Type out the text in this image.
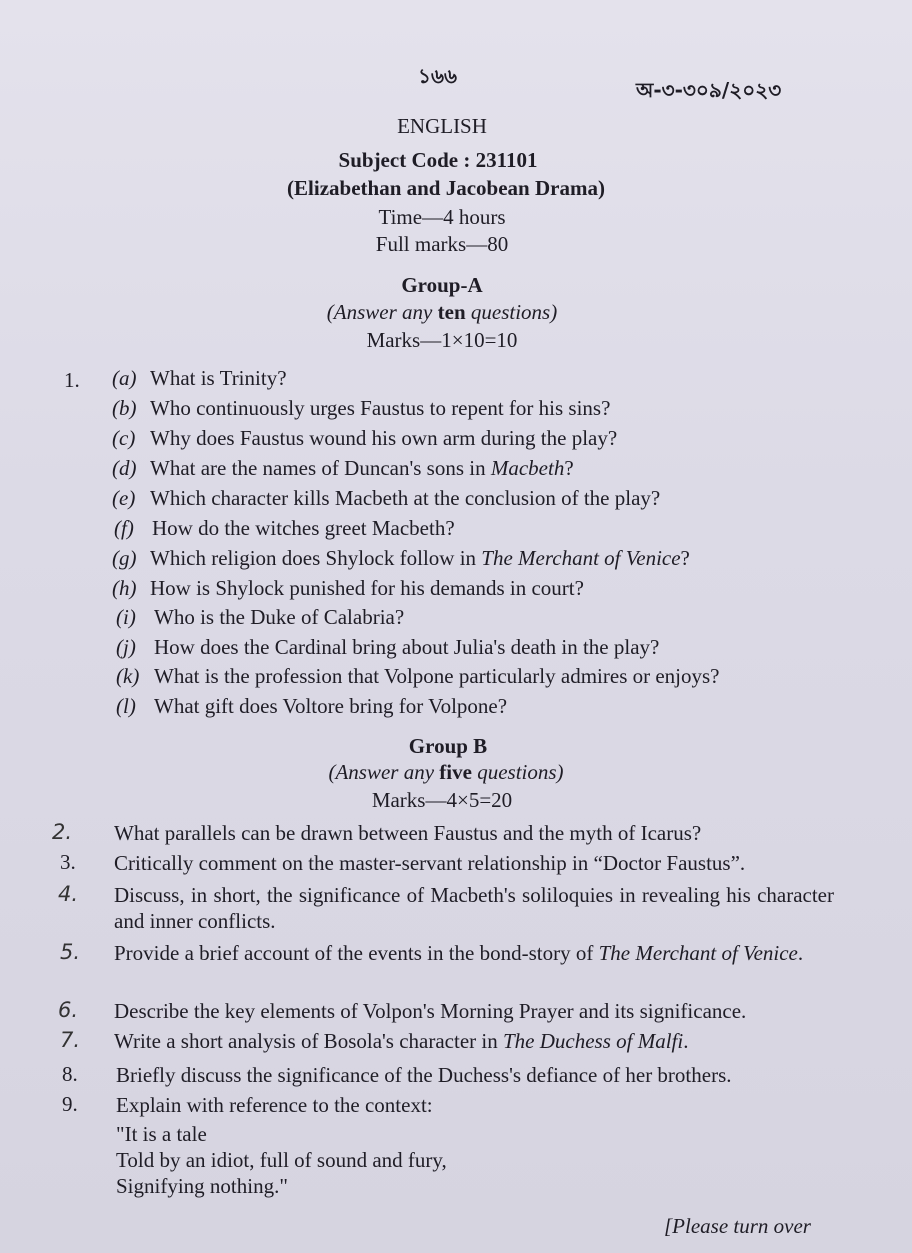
১৬৬
অ-৩-৩০৯/২০২৩
ENGLISH
Subject Code : 231101
(Elizabethan and Jacobean Drama)
Time—4 hours
Full marks—80
Group-A
(Answer any ten questions)
Marks—1×10=10
1. (a) What is Trinity?
(b) Who continuously urges Faustus to repent for his sins?
(c) Why does Faustus wound his own arm during the play?
(d) What are the names of Duncan's sons in Macbeth?
(e) Which character kills Macbeth at the conclusion of the play?
(f) How do the witches greet Macbeth?
(g) Which religion does Shylock follow in The Merchant of Venice?
(h) How is Shylock punished for his demands in court?
(i) Who is the Duke of Calabria?
(j) How does the Cardinal bring about Julia's death in the play?
(k) What is the profession that Volpone particularly admires or enjoys?
(l) What gift does Voltore bring for Volpone?
Group B
(Answer any five questions)
Marks—4×5=20
2. What parallels can be drawn between Faustus and the myth of Icarus?
3. Critically comment on the master-servant relationship in “Doctor Faustus”.
4. Discuss, in short, the significance of Macbeth's soliloquies in revealing his character and inner conflicts.
5. Provide a brief account of the events in the bond-story of The Merchant of Venice.
6. Describe the key elements of Volpon's Morning Prayer and its significance.
7. Write a short analysis of Bosola's character in The Duchess of Malfi.
8. Briefly discuss the significance of the Duchess's defiance of her brothers.
9. Explain with reference to the context:
"It is a tale
Told by an idiot, full of sound and fury,
Signifying nothing."
[Please turn over
